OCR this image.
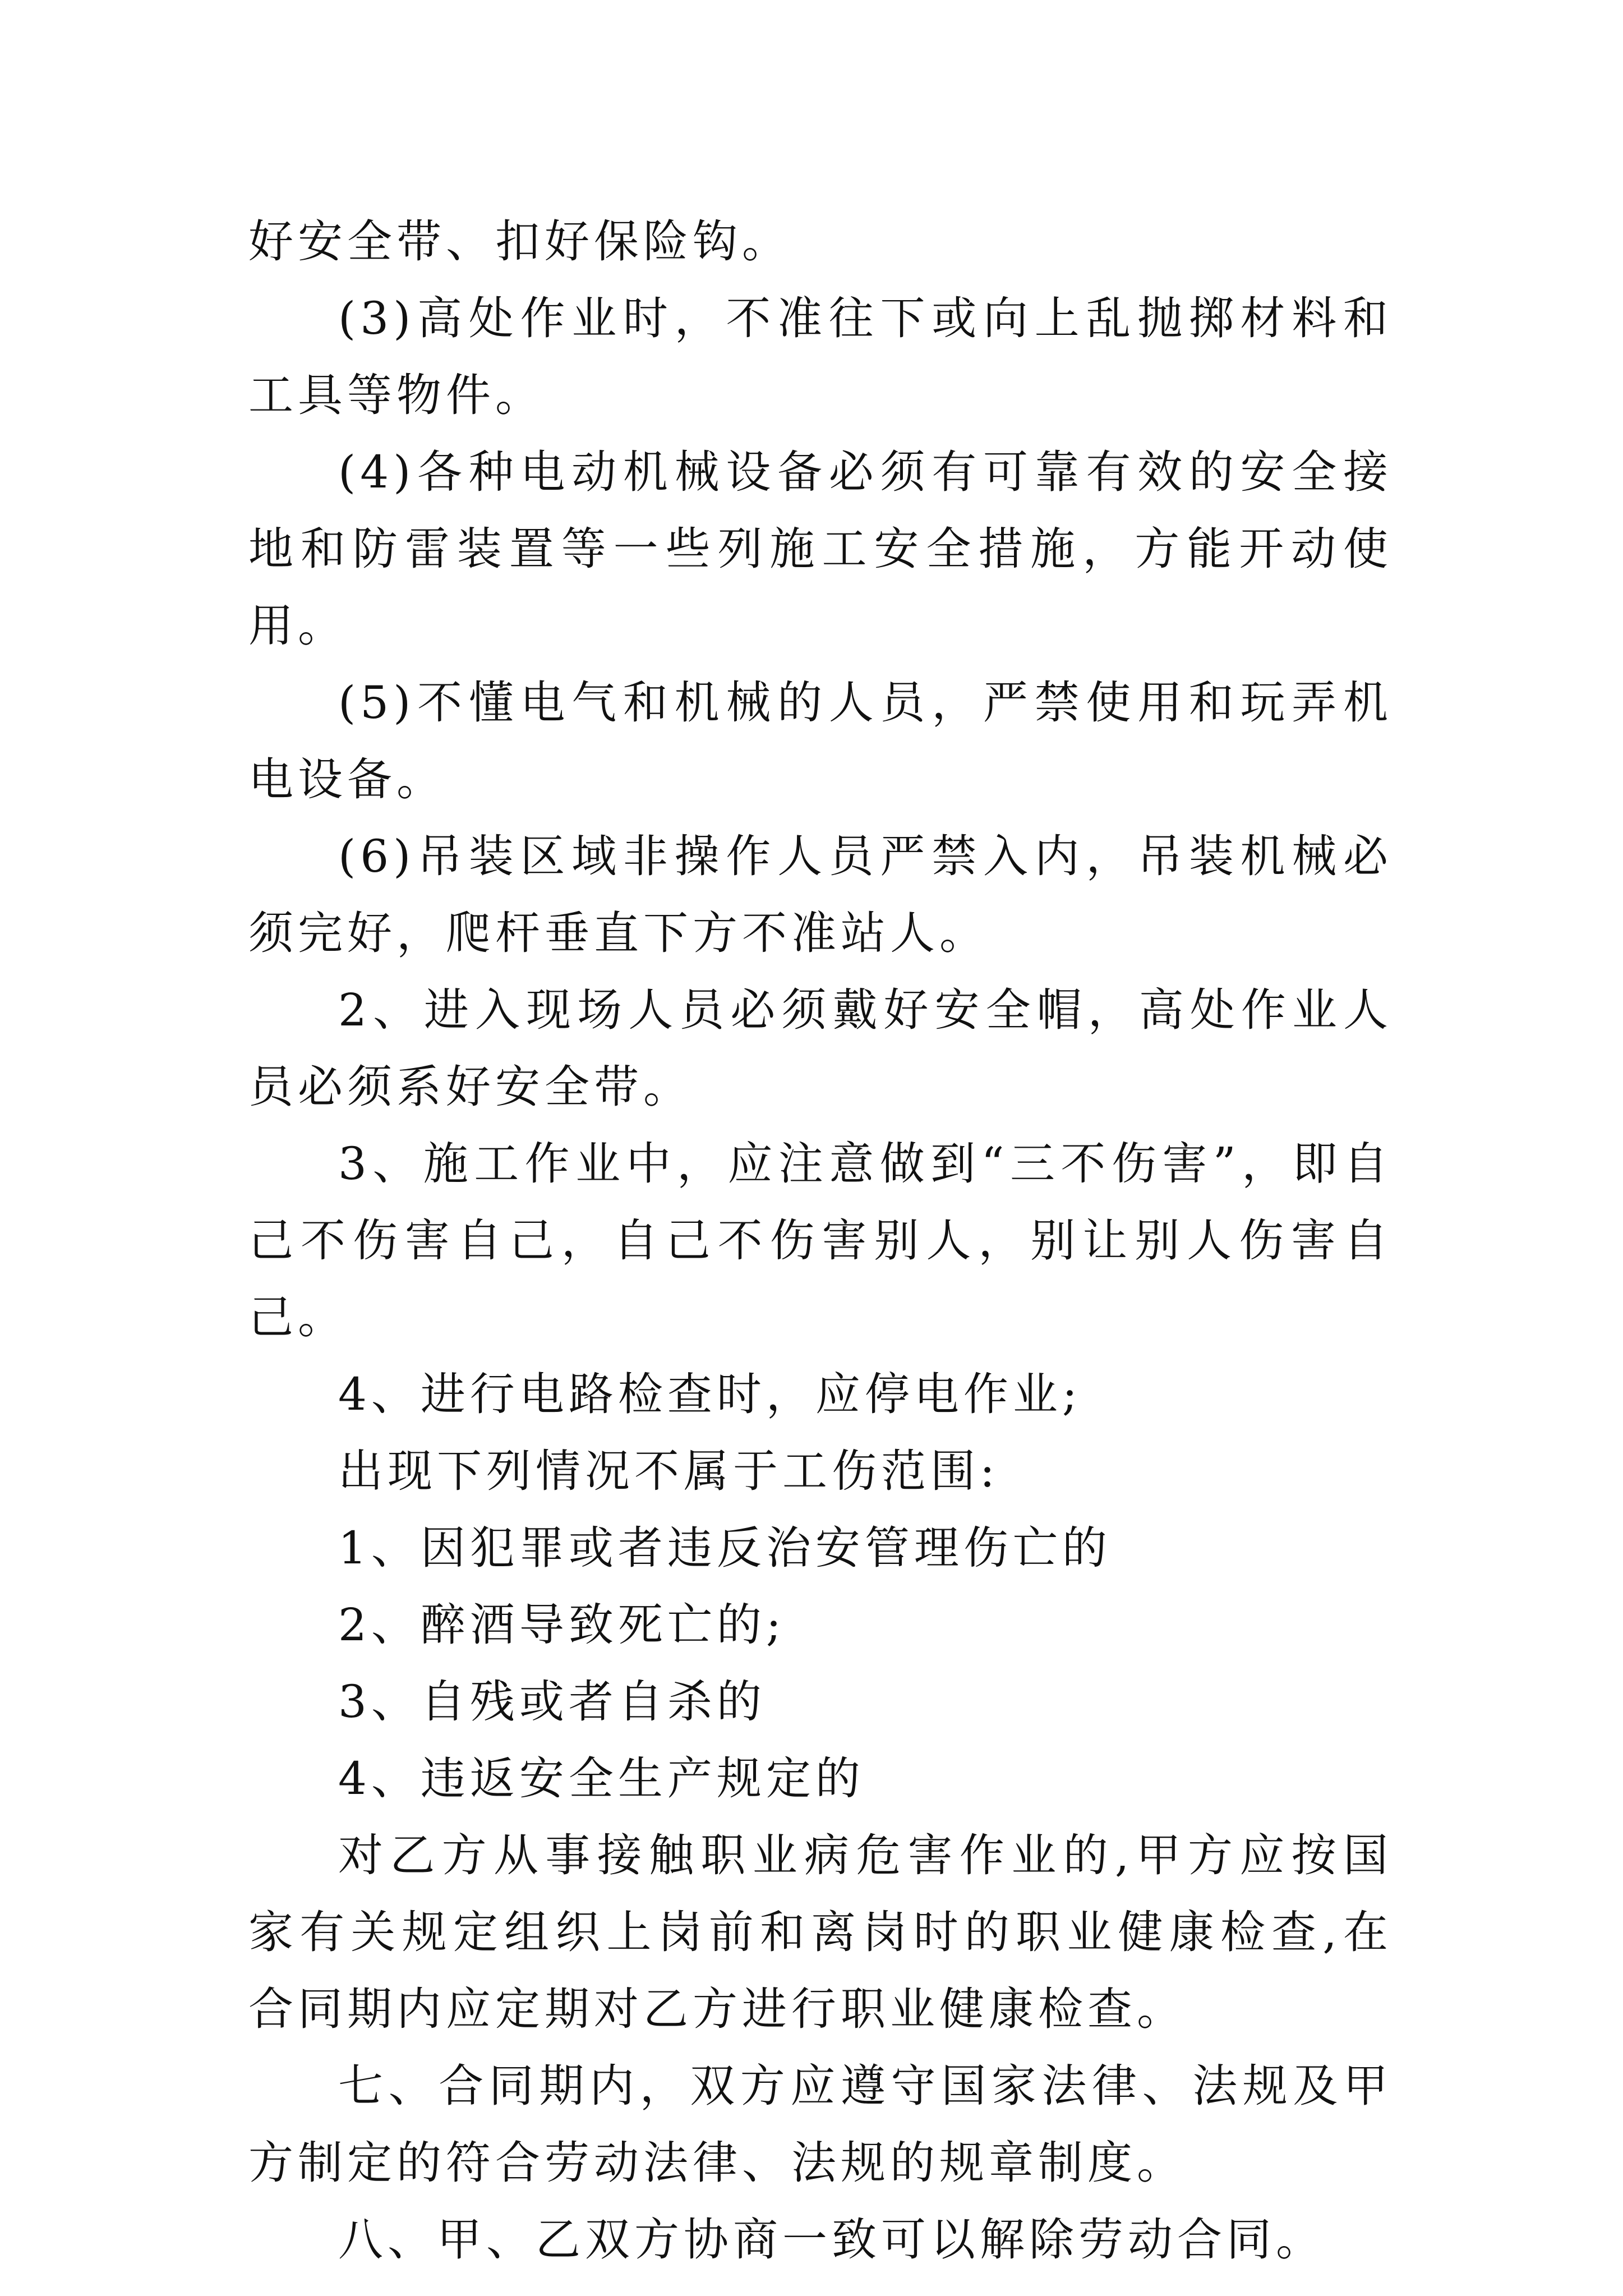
好安全带、扣好保险钩。

(3)高处作业时，不准往下或向上乱抛掷材料和工具等物件。

(4)各种电动机械设备必须有可靠有效的安全接地和防雷装置等一些列施工安全措施，方能开动使用。

(5)不懂电气和机械的人员，严禁使用和玩弄机电设备。

(6)吊装区域非操作人员严禁入内，吊装机械必须完好，爬杆垂直下方不准站人。

2、进入现场人员必须戴好安全帽，高处作业人员必须系好安全带。

3、施工作业中，应注意做到“三不伤害”，即自己不伤害自己，自己不伤害别人，别让别人伤害自己。

4、进行电路检查时，应停电作业;

出现下列情况不属于工伤范围:

1、因犯罪或者违反治安管理伤亡的

2、醉酒导致死亡的;

3、自残或者自杀的

4、违返安全生产规定的

对乙方从事接触职业病危害作业的,甲方应按国家有关规定组织上岗前和离岗时的职业健康检查,在合同期内应定期对乙方进行职业健康检查。

七、合同期内，双方应遵守国家法律、法规及甲方制定的符合劳动法律、法规的规章制度。

八、甲、乙双方协商一致可以解除劳动合同。
